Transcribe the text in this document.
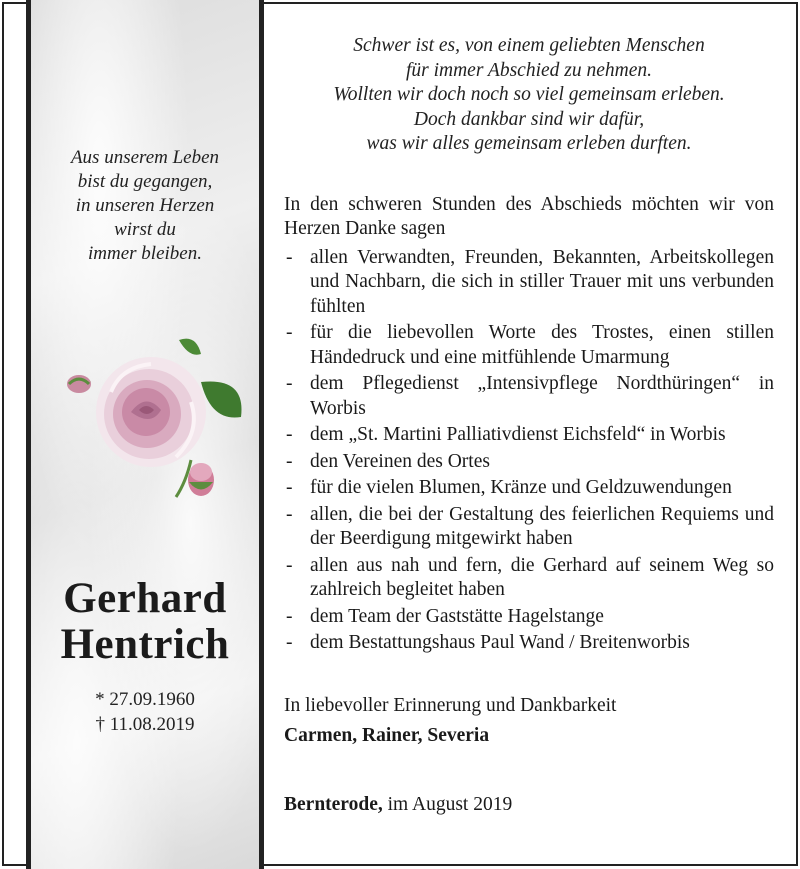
Aus unserem Leben
bist du gegangen,
in unseren Herzen
wirst du
immer bleiben.
Gerhard
Hentrich
* 27.09.1960
† 11.08.2019
Schwer ist es, von einem geliebten Menschen
für immer Abschied zu nehmen.
Wollten wir doch noch so viel gemeinsam erleben.
Doch dankbar sind wir dafür,
was wir alles gemeinsam erleben durften.
In den schweren Stunden des Abschieds möchten wir von Herzen Danke sagen
- allen Verwandten, Freunden, Bekannten, Arbeitskollegen und Nachbarn, die sich in stiller Trauer mit uns verbunden fühlten
- für die liebevollen Worte des Trostes, einen stillen Händedruck und eine mitfühlende Umarmung
- dem Pflegedienst „Intensivpflege Nordthüringen“ in Worbis
- dem „St. Martini Palliativdienst Eichsfeld“ in Worbis
- den Vereinen des Ortes
- für die vielen Blumen, Kränze und Geldzuwendungen
- allen, die bei der Gestaltung des feierlichen Requiems und der Beerdigung mitgewirkt haben
- allen aus nah und fern, die Gerhard auf seinem Weg so zahlreich begleitet haben
- dem Team der Gaststätte Hagelstange
- dem Bestattungshaus Paul Wand / Breitenworbis
In liebevoller Erinnerung und Dankbarkeit
Carmen, Rainer, Severia
Bernterode, im August 2019
